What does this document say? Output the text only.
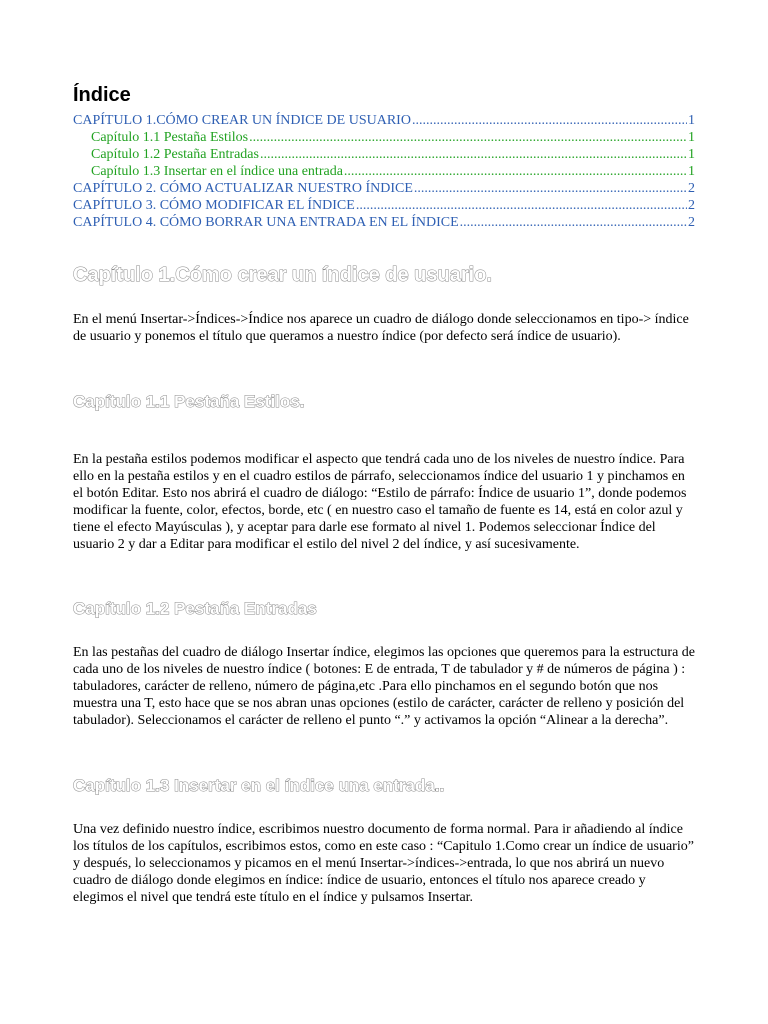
Índice
CAPÍTULO 1.CÓMO CREAR UN ÍNDICE DE USUARIO .....	1
Capítulo 1.1 Pestaña Estilos .....	1
Capítulo 1.2 Pestaña Entradas .....	1
Capítulo 1.3 Insertar en el índice una entrada .....	1
CAPÍTULO 2. CÓMO ACTUALIZAR NUESTRO ÍNDICE .....	2
CAPÍTULO 3. CÓMO MODIFICAR EL ÍNDICE .....	2
CAPÍTULO 4. CÓMO BORRAR UNA ENTRADA EN EL ÍNDICE .....	2
Capítulo 1.Cómo crear un índice de usuario.

En el menú Insertar->Índices->Índice nos aparece un cuadro de diálogo donde seleccionamos en tipo-> índice de usuario y ponemos el título que queramos a nuestro índice (por defecto será índice de usuario).

Capítulo 1.1 Pestaña Estilos.

En la pestaña estilos podemos modificar el aspecto que tendrá cada uno de los niveles de nuestro índice. Para ello en la pestaña estilos y en el cuadro estilos de párrafo, seleccionamos índice del usuario 1 y pinchamos en el botón Editar. Esto nos abrirá el cuadro de diálogo: “Estilo de párrafo: Índice de usuario 1”, donde podemos modificar la fuente, color, efectos, borde, etc ( en nuestro caso el tamaño de fuente es 14, está en color azul y tiene el efecto Mayúsculas ), y aceptar para darle ese formato al nivel 1. Podemos seleccionar Índice del usuario 2 y dar a Editar para modificar el estilo del nivel 2 del índice, y así sucesivamente.

Capítulo 1.2 Pestaña Entradas

En las pestañas del cuadro de diálogo Insertar índice, elegimos las opciones que queremos para la estructura de cada uno de los niveles de nuestro índice ( botones: E de entrada, T de tabulador y # de números de página ) : tabuladores, carácter de relleno, número de página,etc .Para ello pinchamos en el segundo botón que nos muestra una T, esto hace que se nos abran unas opciones (estilo de carácter, carácter de relleno y posición del tabulador). Seleccionamos el carácter de relleno el punto “.” y activamos la opción “Alinear a la derecha”.

Capítulo 1.3 Insertar en el índice una entrada..

Una vez definido nuestro índice, escribimos nuestro documento de forma normal. Para ir añadiendo al índice los títulos de los capítulos, escribimos estos, como en este caso : “Capitulo 1.Como crear un índice de usuario” y después, lo seleccionamos y picamos en el menú Insertar->índices->entrada, lo que nos abrirá un nuevo cuadro de diálogo donde elegimos en índice: índice de usuario, entonces el título nos aparece creado y elegimos el nivel que tendrá este título en el índice y pulsamos Insertar.
